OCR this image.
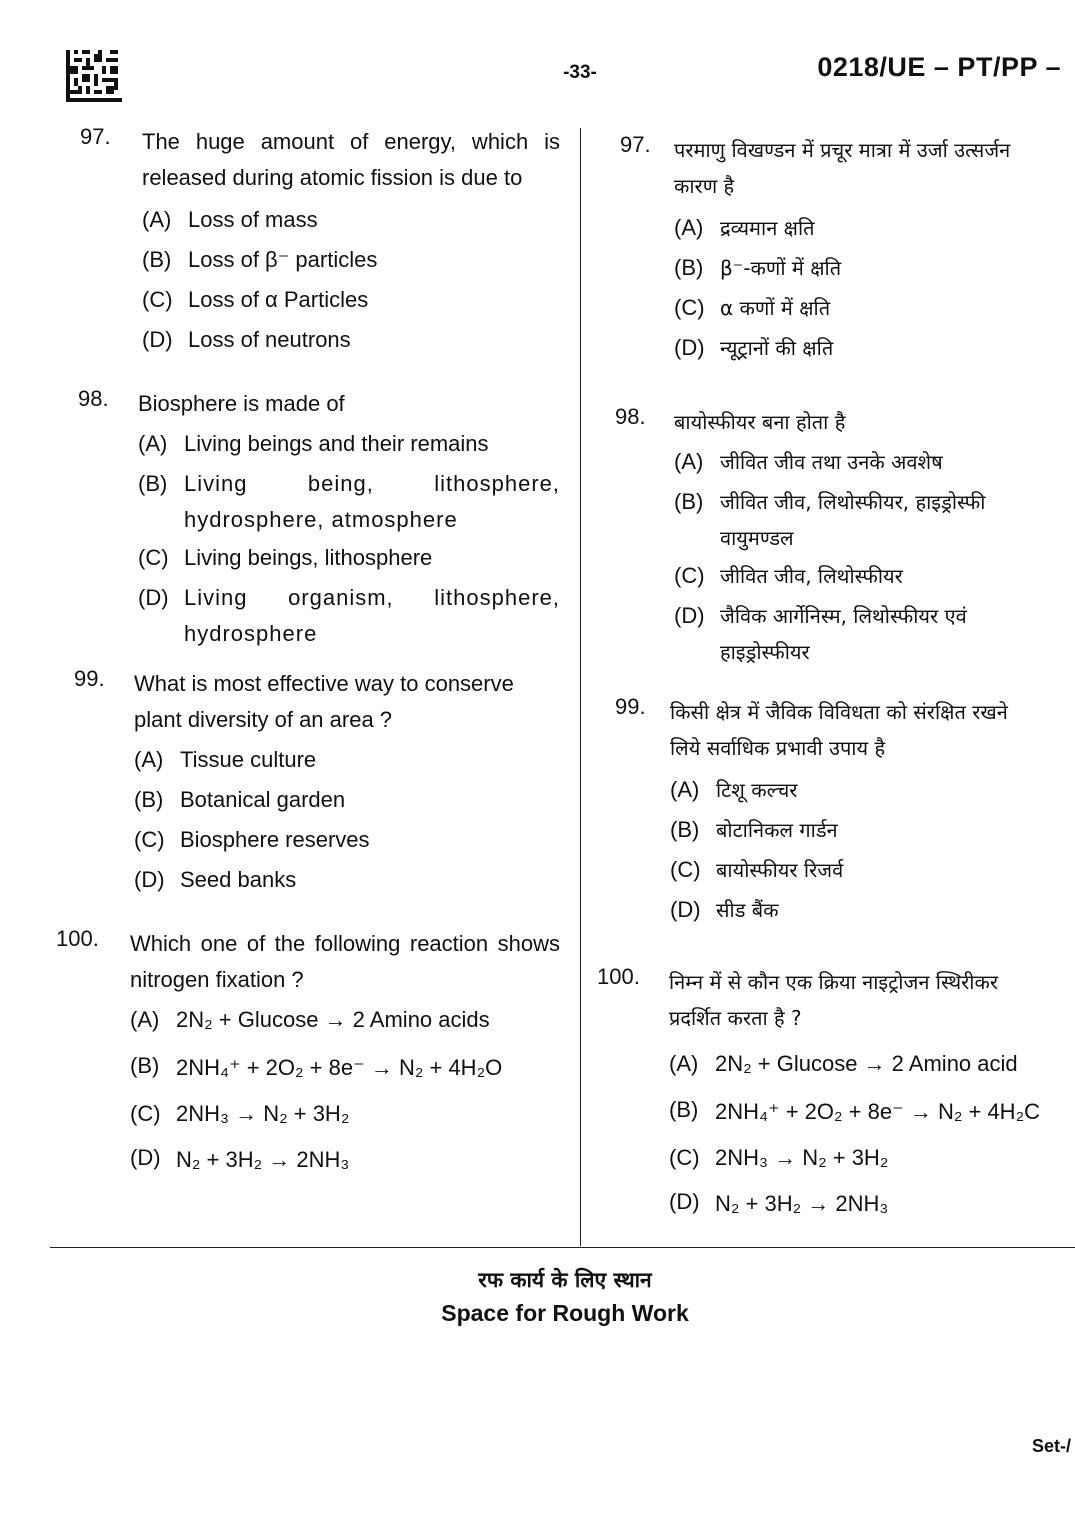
-33-	0218/UE – PT/PP –
97. The huge amount of energy, which is released during atomic fission is due to
(A) Loss of mass
(B) Loss of β⁻ particles
(C) Loss of α Particles
(D) Loss of neutrons
98. Biosphere is made of
(A) Living beings and their remains
(B) Living being, lithosphere, hydrosphere, atmosphere
(C) Living beings, lithosphere
(D) Living organism, lithosphere, hydrosphere
99. What is most effective way to conserve plant diversity of an area ?
(A) Tissue culture
(B) Botanical garden
(C) Biosphere reserves
(D) Seed banks
100. Which one of the following reaction shows nitrogen fixation ?
(A) 2N₂ + Glucose → 2 Amino acids
(B) 2NH₄⁺ + 2O₂ + 8e⁻ → N₂ + 4H₂O
(C) 2NH₃ → N₂ + 3H₂
(D) N₂ + 3H₂ → 2NH₃
97. परमाणु विखण्डन में प्रचूर मात्रा में उर्जा उत्सर्जन
कारण है
(A) द्रव्यमान क्षति
(B) β⁻-कणों में क्षति
(C) α कणों में क्षति
(D) न्यूट्रानों की क्षति
98. बायोस्फीयर बना होता है
(A) जीवित जीव तथा उनके अवशेष
(B) जीवित जीव, लिथोस्फीयर, हाइड्रोस्फी
वायुमण्डल
(C) जीवित जीव, लिथोस्फीयर
(D) जैविक आर्गेनिस्म, लिथोस्फीयर एवं
हाइड्रोस्फीयर
99. किसी क्षेत्र में जैविक विविधता को संरक्षित रखने
लिये सर्वाधिक प्रभावी उपाय है
(A) टिशू कल्चर
(B) बोटानिकल गार्डन
(C) बायोस्फीयर रिजर्व
(D) सीड बैंक
100. निम्न में से कौन एक क्रिया नाइट्रोजन स्थिरीकर
प्रदर्शित करता है ?
(A) 2N₂ + Glucose → 2 Amino acid
(B) 2NH₄⁺ + 2O₂ + 8e⁻ → N₂ + 4H₂C
(C) 2NH₃ → N₂ + 3H₂
(D) N₂ + 3H₂ → 2NH₃
रफ कार्य के लिए स्थान
Space for Rough Work
Set-/
